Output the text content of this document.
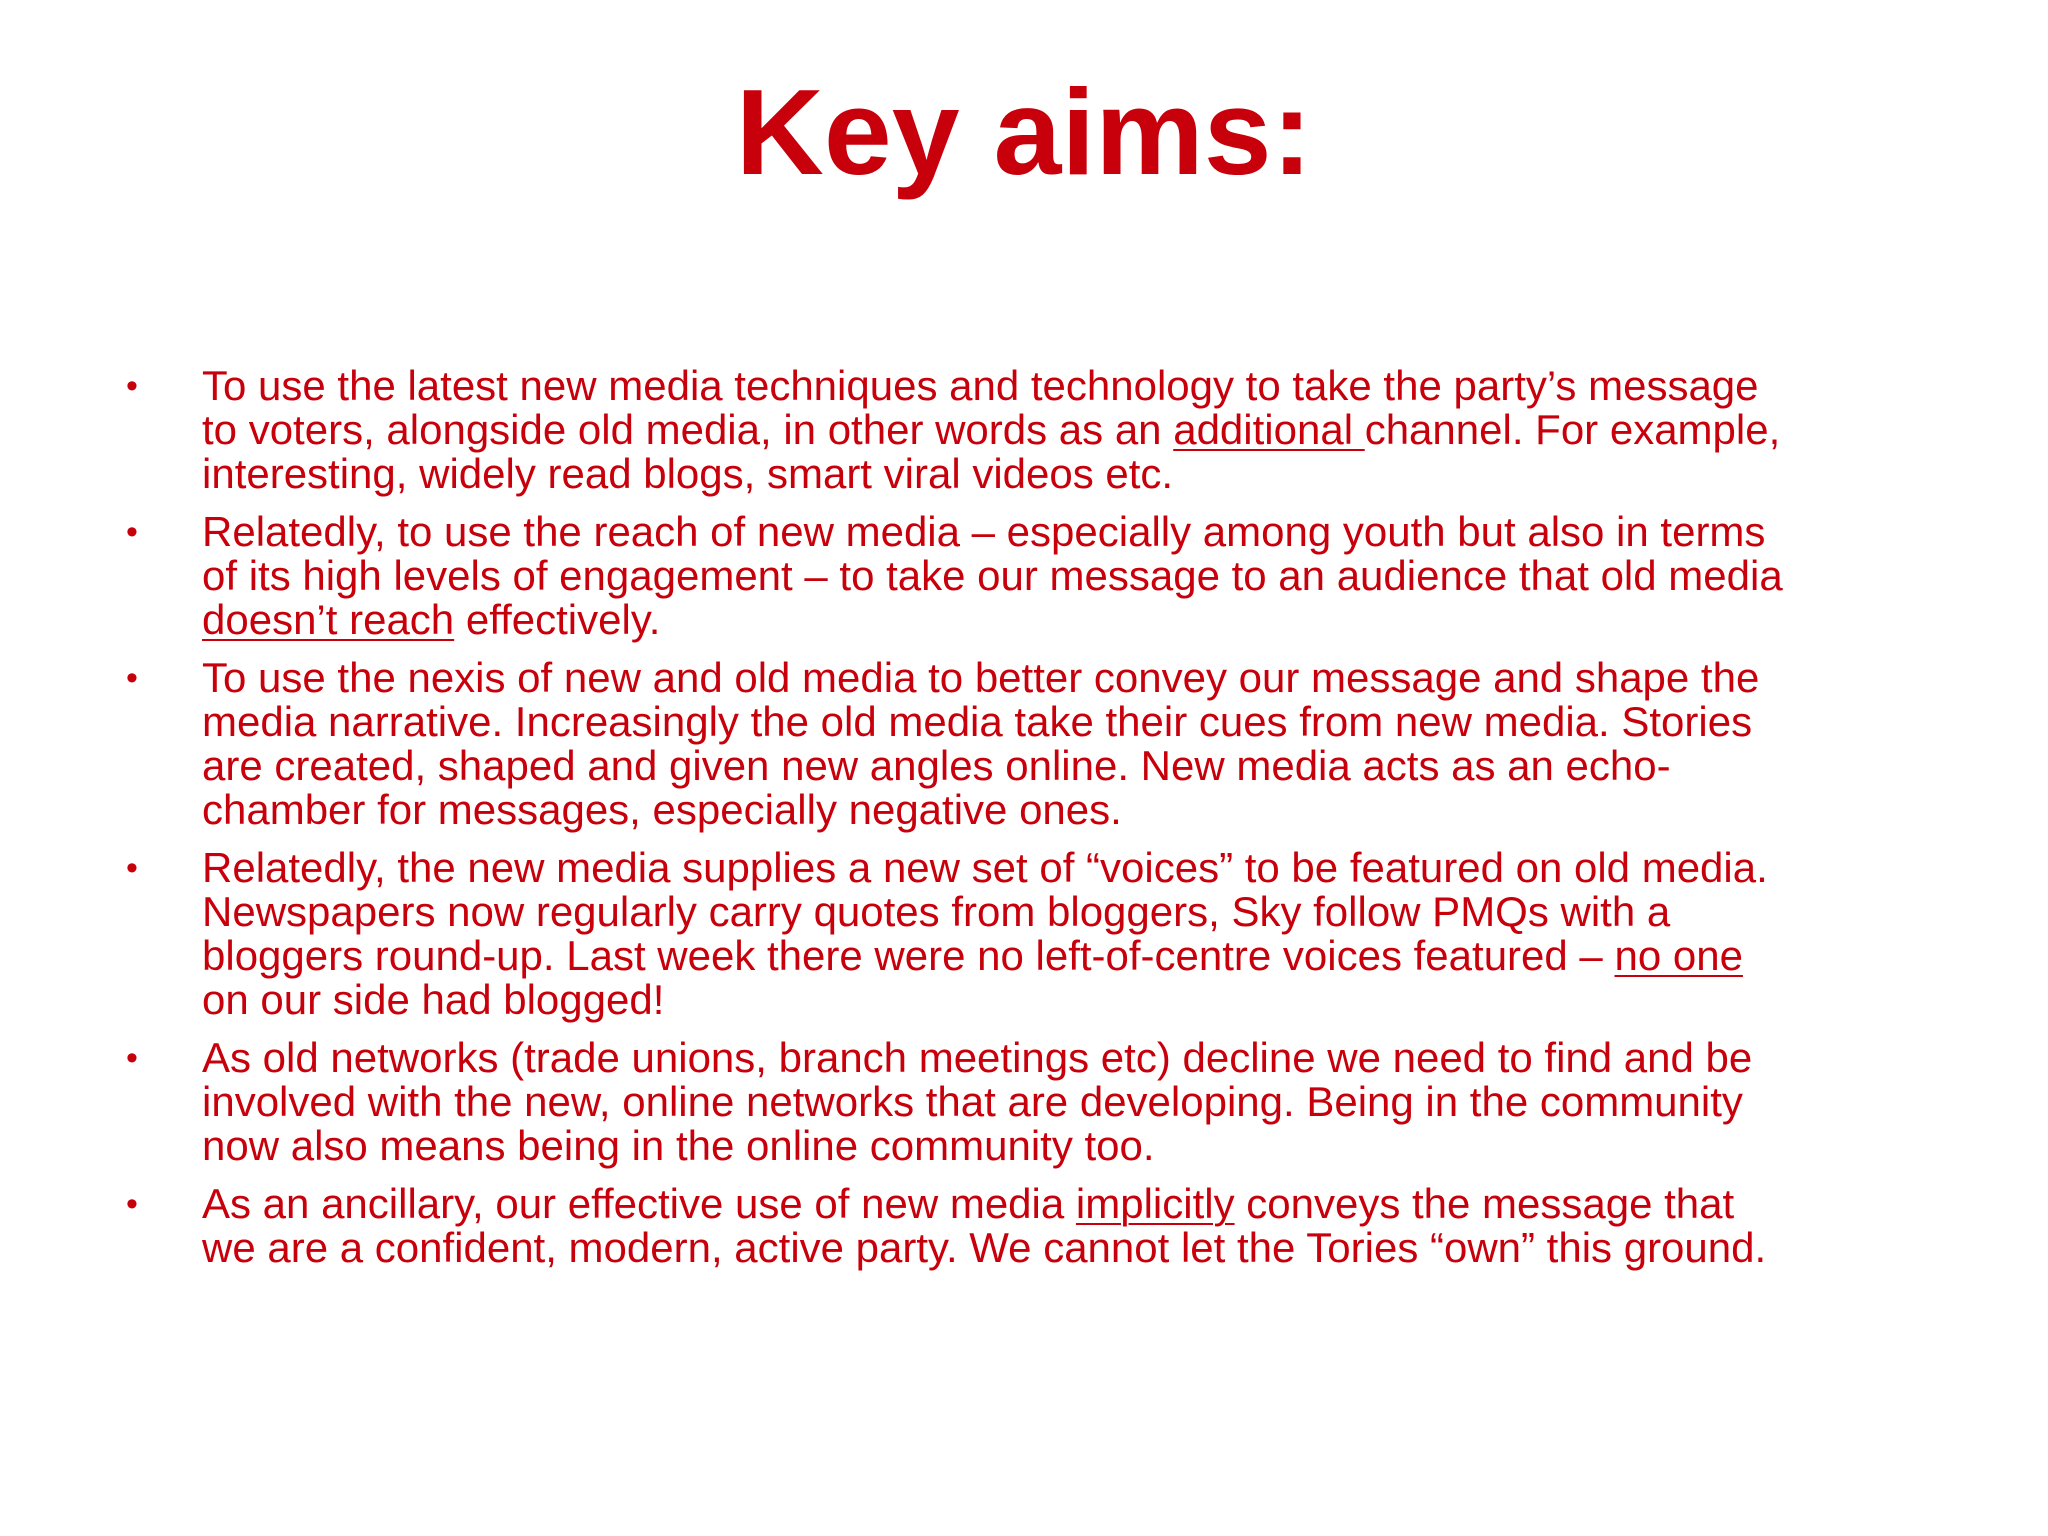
Key aims:
• To use the latest new media techniques and technology to take the party’s message
to voters, alongside old media, in other words as an additional channel. For example,
interesting, widely read blogs, smart viral videos etc.
• Relatedly, to use the reach of new media – especially among youth but also in terms
of its high levels of engagement – to take our message to an audience that old media
doesn’t reach effectively.
• To use the nexis of new and old media to better convey our message and shape the
media narrative. Increasingly the old media take their cues from new media. Stories
are created, shaped and given new angles online. New media acts as an echo-
chamber for messages, especially negative ones.
• Relatedly, the new media supplies a new set of “voices” to be featured on old media.
Newspapers now regularly carry quotes from bloggers, Sky follow PMQs with a
bloggers round-up. Last week there were no left-of-centre voices featured – no one
on our side had blogged!
• As old networks (trade unions, branch meetings etc) decline we need to find and be
involved with the new, online networks that are developing. Being in the community
now also means being in the online community too.
• As an ancillary, our effective use of new media implicitly conveys the message that
we are a confident, modern, active party. We cannot let the Tories “own” this ground.
